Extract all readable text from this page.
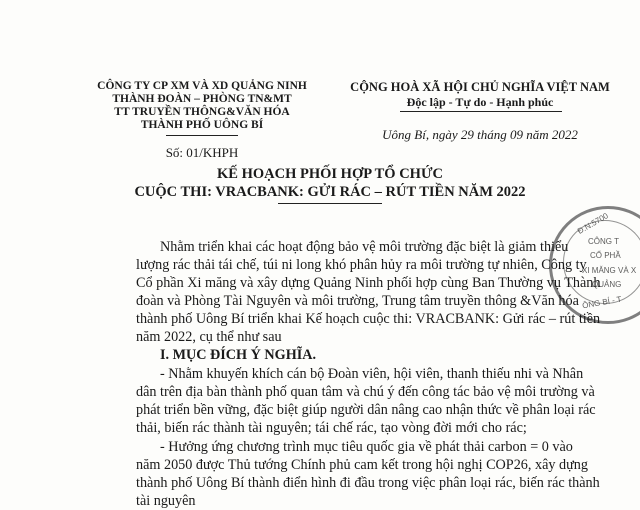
CÔNG TY CP XM VÀ XD QUẢNG NINH
THÀNH ĐOÀN – PHÒNG TN&MT
TT TRUYỀN THÔNG&VĂN HÓA
THÀNH PHỐ UÔNG BÍ
Số: 01/KHPH
CỘNG HOÀ XÃ HỘI CHỦ NGHĨA VIỆT NAM
Độc lập - Tự do - Hạnh phúc
Uông Bí, ngày 29 tháng 09 năm 2022
KẾ HOẠCH PHỐI HỢP TỔ CHỨC
CUỘC THI: VRACBANK: GỬI RÁC – RÚT TIỀN NĂM 2022
Đ.N:5700
CÔNG T
CỔ PHẦ
XI MĂNG VÀ X
QUẢNG
ÔNG BÍ - T
Nhằm triển khai các hoạt động bảo vệ môi trường đặc biệt là giảm thiểu
lượng rác thải tái chế, túi ni long khó phân hủy ra môi trường tự nhiên, Công ty
Cổ phần Xi măng và xây dựng Quảng Ninh phối hợp cùng Ban Thường vụ Thành
đoàn và Phòng Tài Nguyên và môi trường, Trung tâm truyền thông &Văn hóa
thành phố Uông Bí triển khai Kế hoạch cuộc thi: VRACBANK: Gửi rác – rút tiền
năm 2022, cụ thể như sau
I. MỤC ĐÍCH Ý NGHĨA.
- Nhằm khuyến khích cán bộ Đoàn viên, hội viên, thanh thiếu nhi và Nhân
dân trên địa bàn thành phố quan tâm và chú ý đến công tác bảo vệ môi trường và
phát triển bền vững, đặc biệt giúp người dân nâng cao nhận thức về phân loại rác
thải, biến rác thành tài nguyên; tái chế rác, tạo vòng đời mới cho rác;
- Hưởng ứng chương trình mục tiêu quốc gia về phát thải carbon = 0 vào
năm 2050 được Thủ tướng Chính phủ cam kết trong hội nghị COP26, xây dựng
thành phố Uông Bí thành điển hình đi đầu trong việc phân loại rác, biến rác thành
tài nguyên
